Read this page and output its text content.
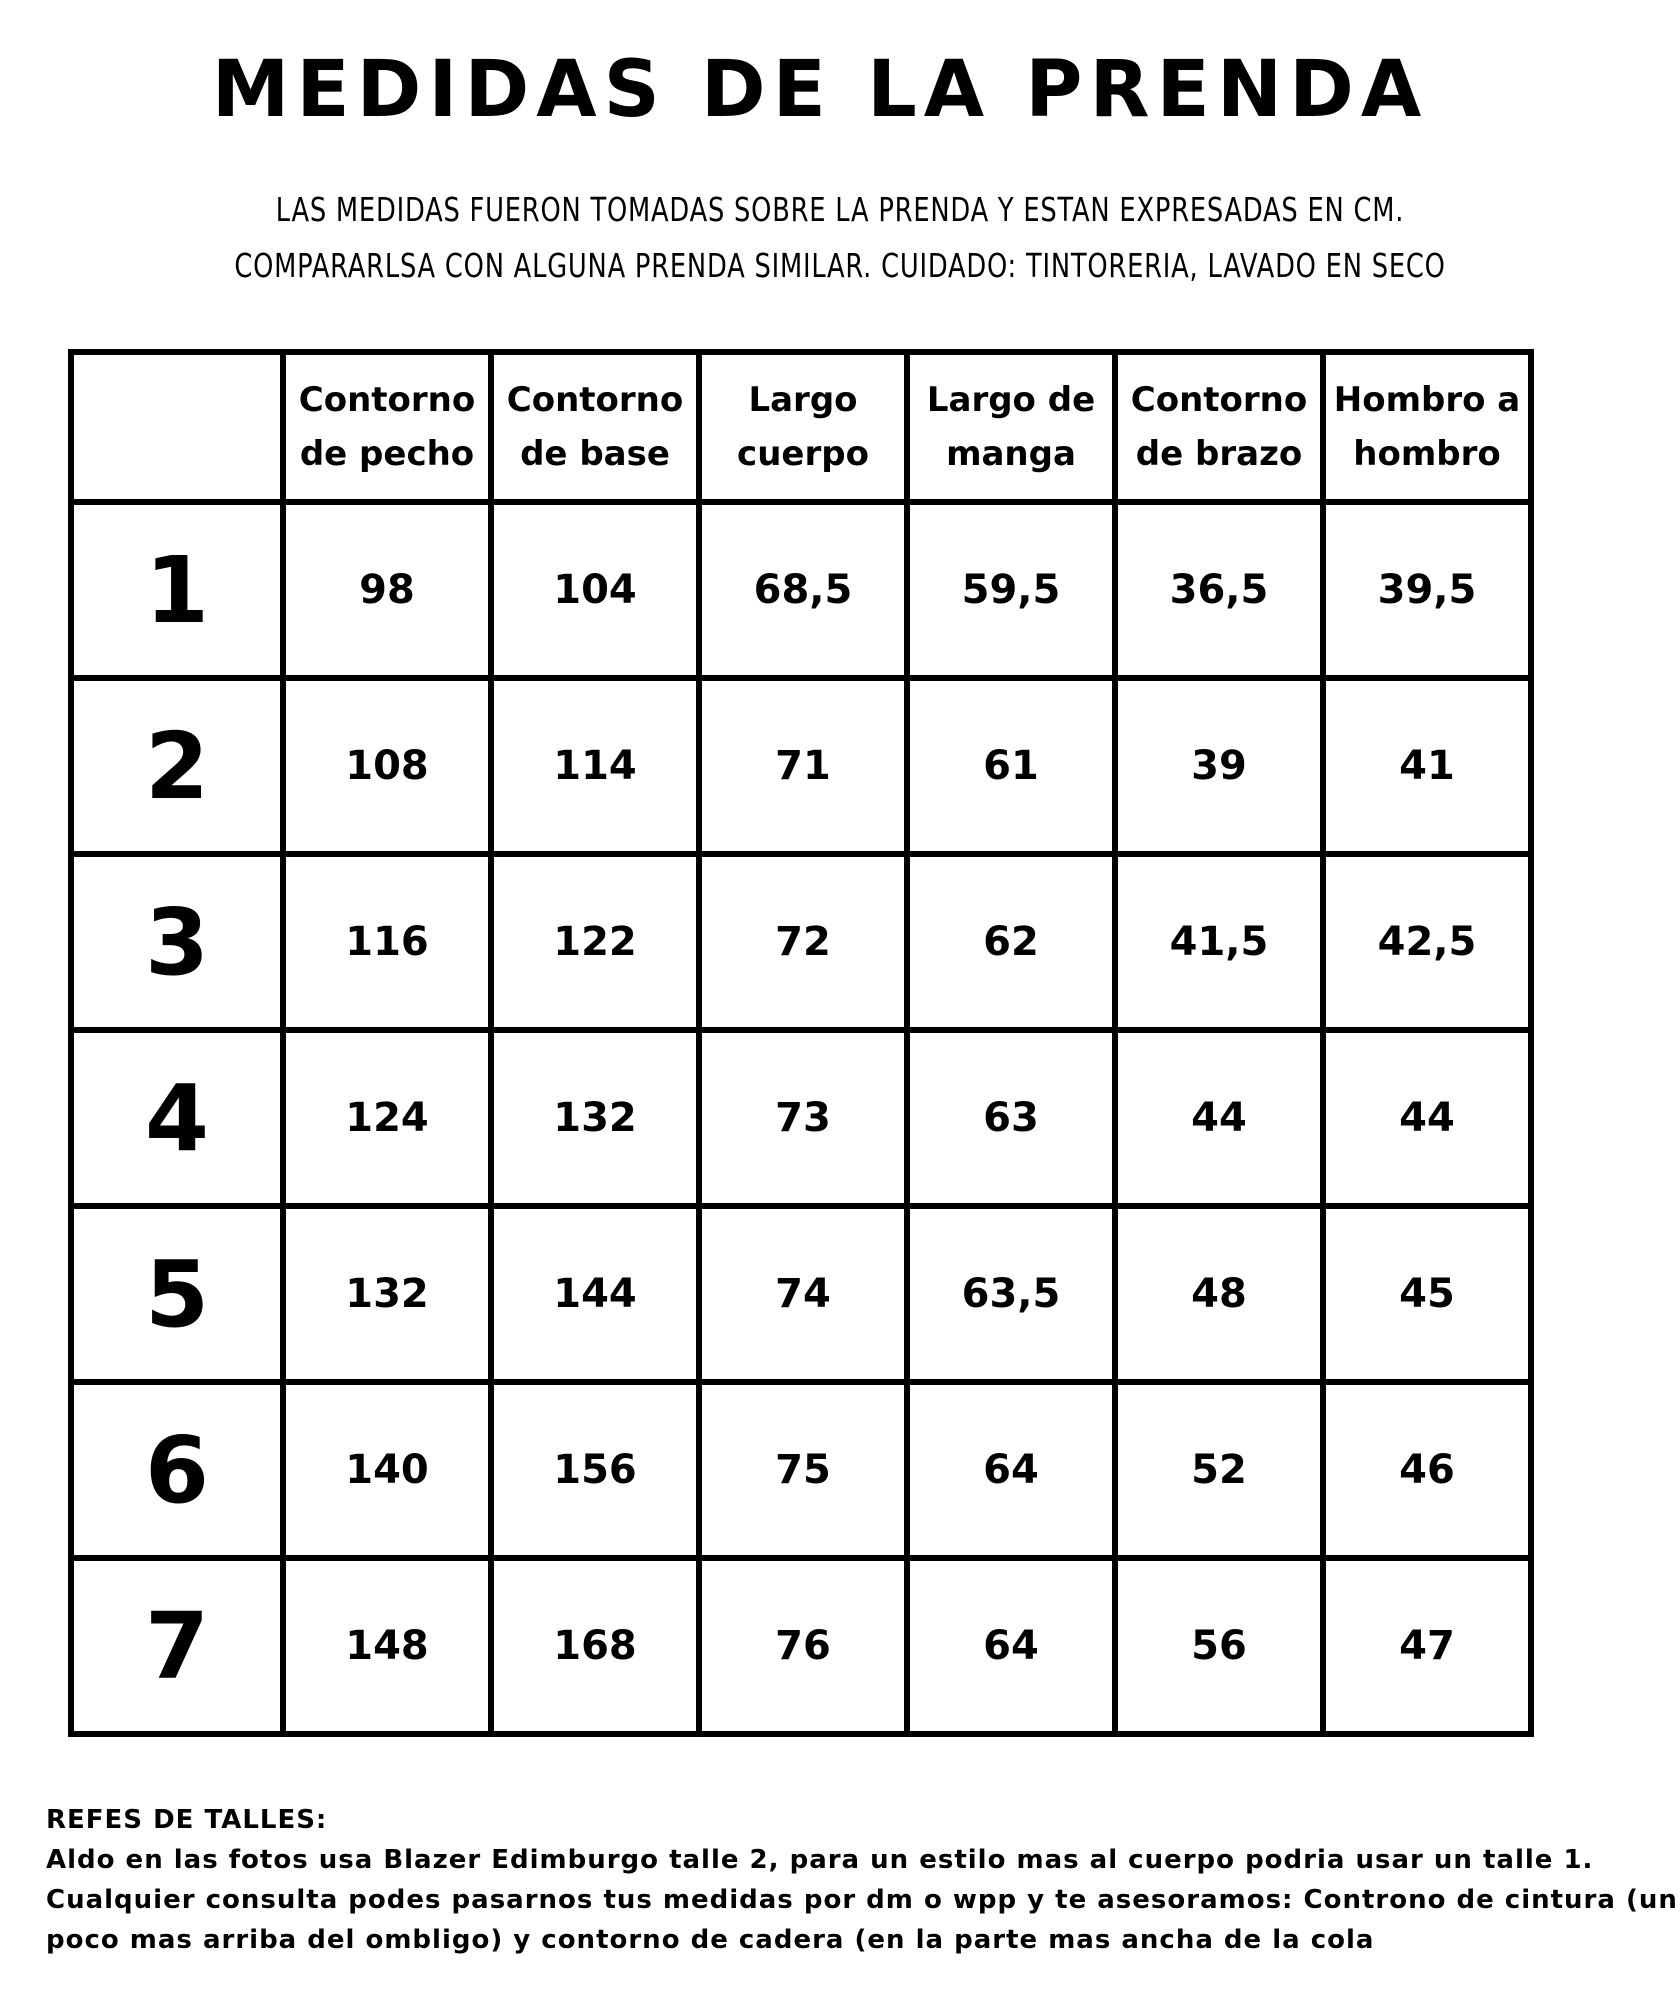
MEDIDAS DE LA PRENDA
LAS MEDIDAS FUERON TOMADAS SOBRE LA PRENDA Y ESTAN EXPRESADAS EN CM.
COMPARARLSA CON ALGUNA PRENDA SIMILAR. CUIDADO: TINTORERIA, LAVADO EN SECO
	Contorno de pecho	Contorno de base	Largo cuerpo	Largo de manga	Contorno de brazo	Hombro a hombro
1	98	104	68,5	59,5	36,5	39,5
2	108	114	71	61	39	41
3	116	122	72	62	41,5	42,5
4	124	132	73	63	44	44
5	132	144	74	63,5	48	45
6	140	156	75	64	52	46
7	148	168	76	64	56	47
REFES DE TALLES:
Aldo en las fotos usa Blazer Edimburgo talle 2, para un estilo mas al cuerpo podria usar un talle 1.
Cualquier consulta podes pasarnos tus medidas por dm o wpp y te asesoramos: Controno de cintura (un
poco mas arriba del ombligo) y contorno de cadera (en la parte mas ancha de la cola
